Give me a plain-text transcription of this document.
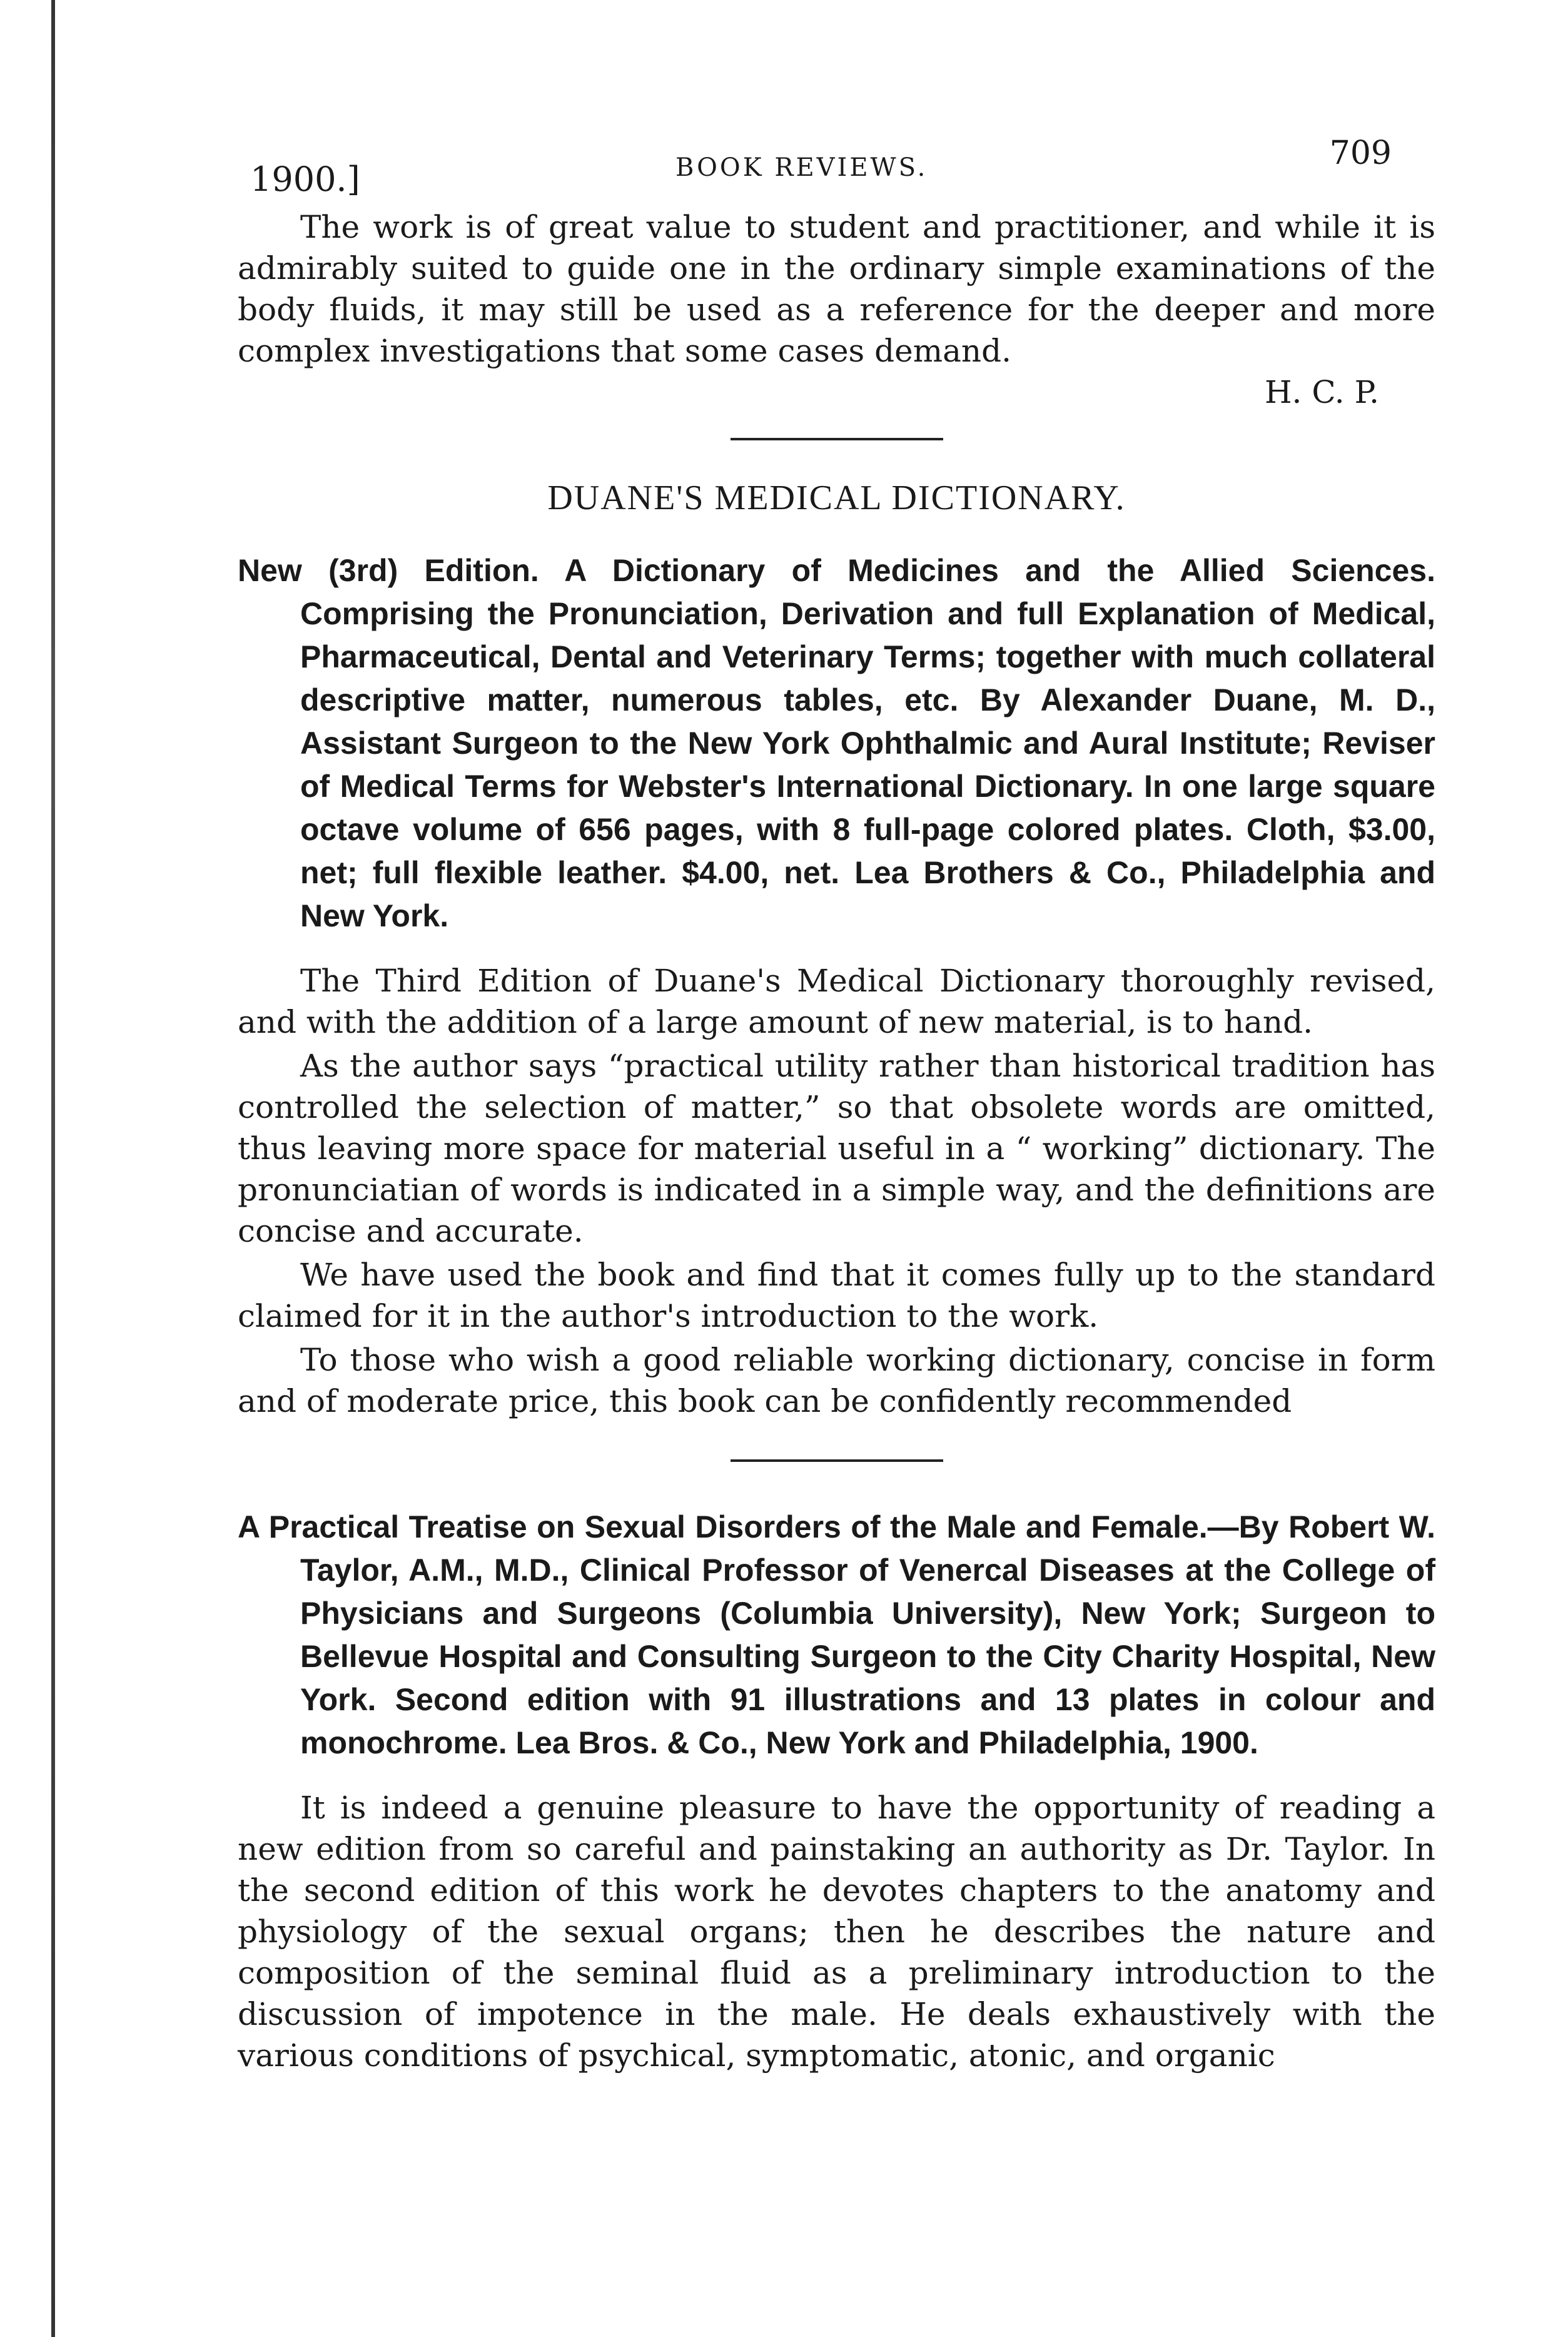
1900.]	BOOK REVIEWS.	709

The work is of great value to student and practitioner, and while it is admirably suited to guide one in the ordinary simple examinations of the body fluids, it may still be used as a reference for the deeper and more complex investigations that some cases demand.

H. C. P.
DUANE'S MEDICAL DICTIONARY.
New (3rd) Edition. A Dictionary of Medicines and the Allied Sciences. Comprising the Pronunciation, Derivation and full Explanation of Medical, Pharmaceutical, Dental and Veterinary Terms; together with much collateral descriptive matter, numerous tables, etc. By Alexander Duane, M. D., Assistant Surgeon to the New York Ophthalmic and Aural Institute; Reviser of Medical Terms for Webster's International Dictionary. In one large square octave volume of 656 pages, with 8 full-page colored plates. Cloth, $3.00, net; full flexible leather. $4.00, net. Lea Brothers & Co., Philadelphia and New York.

The Third Edition of Duane's Medical Dictionary thoroughly revised, and with the addition of a large amount of new material, is to hand.

As the author says “practical utility rather than historical tradition has controlled the selection of matter,” so that obsolete words are omitted, thus leaving more space for material useful in a “ working” dictionary. The pronunciatian of words is indicated in a simple way, and the definitions are concise and accurate.

We have used the book and find that it comes fully up to the standard claimed for it in the author's introduction to the work.

To those who wish a good reliable working dictionary, concise in form and of moderate price, this book can be confidently recommended

A Practical Treatise on Sexual Disorders of the Male and Female.—By Robert W. Taylor, A.M., M.D., Clinical Professor of Venercal Diseases at the College of Physicians and Surgeons (Columbia University), New York; Surgeon to Bellevue Hospital and Consulting Surgeon to the City Charity Hospital, New York. Second edition with 91 illustrations and 13 plates in colour and monochrome. Lea Bros. & Co., New York and Philadelphia, 1900.

It is indeed a genuine pleasure to have the opportunity of reading a new edition from so careful and painstaking an authority as Dr. Taylor. In the second edition of this work he devotes chapters to the anatomy and physiology of the sexual organs; then he describes the nature and composition of the seminal fluid as a preliminary introduction to the discussion of impotence in the male. He deals exhaustively with the various conditions of psychical, symptomatic, atonic, and organic
